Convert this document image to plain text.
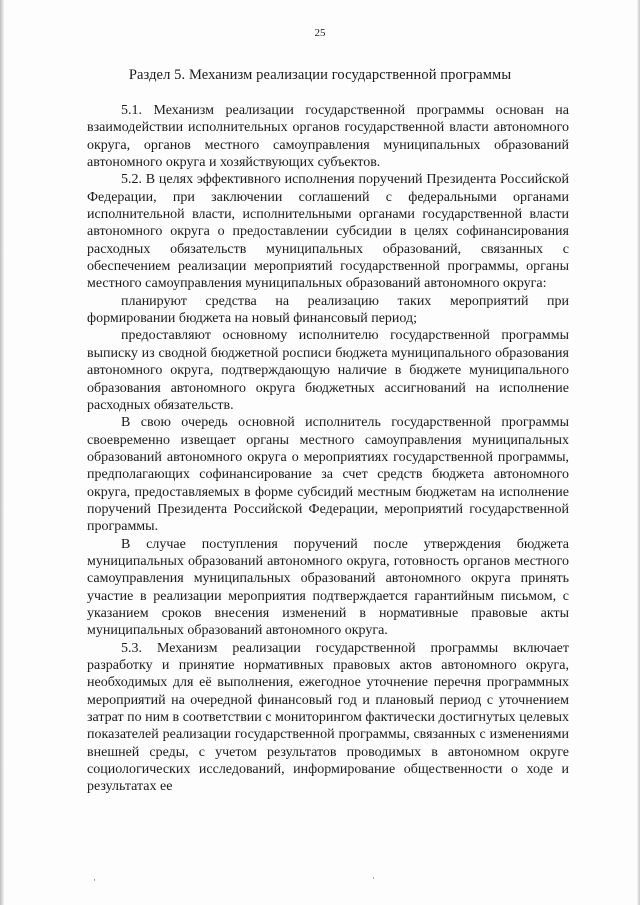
25
Раздел 5. Механизм реализации государственной программы

5.1. Механизм реализации государственной программы основан на взаимодействии исполнительных органов государственной власти автономного округа, органов местного самоуправления муниципальных образований автономного округа и хозяйствующих субъектов.

5.2. В целях эффективного исполнения поручений Президента Российской Федерации, при заключении соглашений с федеральными органами исполнительной власти, исполнительными органами государственной власти автономного округа о предоставлении субсидии в целях софинансирования расходных обязательств муниципальных образований, связанных с обеспечением реализации мероприятий государственной программы, органы местного самоуправления муниципальных образований автономного округа:

планируют средства на реализацию таких мероприятий при формировании бюджета на новый финансовый период;

предоставляют основному исполнителю государственной программы выписку из сводной бюджетной росписи бюджета муниципального образования автономного округа, подтверждающую наличие в бюджете муниципального образования автономного округа бюджетных ассигнований на исполнение расходных обязательств.

В свою очередь основной исполнитель государственной программы своевременно извещает органы местного самоуправления муниципальных образований автономного округа о мероприятиях государственной программы, предполагающих софинансирование за счет средств бюджета автономного округа, предоставляемых в форме субсидий местным бюджетам на исполнение поручений Президента Российской Федерации, мероприятий государственной программы.

В случае поступления поручений после утверждения бюджета муниципальных образований автономного округа, готовность органов местного самоуправления муниципальных образований автономного округа принять участие в реализации мероприятия подтверждается гарантийным письмом, с указанием сроков внесения изменений в нормативные правовые акты муниципальных образований автономного округа.

5.3. Механизм реализации государственной программы включает разработку и принятие нормативных правовых актов автономного округа, необходимых для её выполнения, ежегодное уточнение перечня программных мероприятий на очередной финансовый год и плановый период с уточнением затрат по ним в соответствии с мониторингом фактически достигнутых целевых показателей реализации государственной программы, связанных с изменениями внешней среды, с учетом результатов проводимых в автономном округе социологических исследований, информирование общественности о ходе и результатах ее

·	·
